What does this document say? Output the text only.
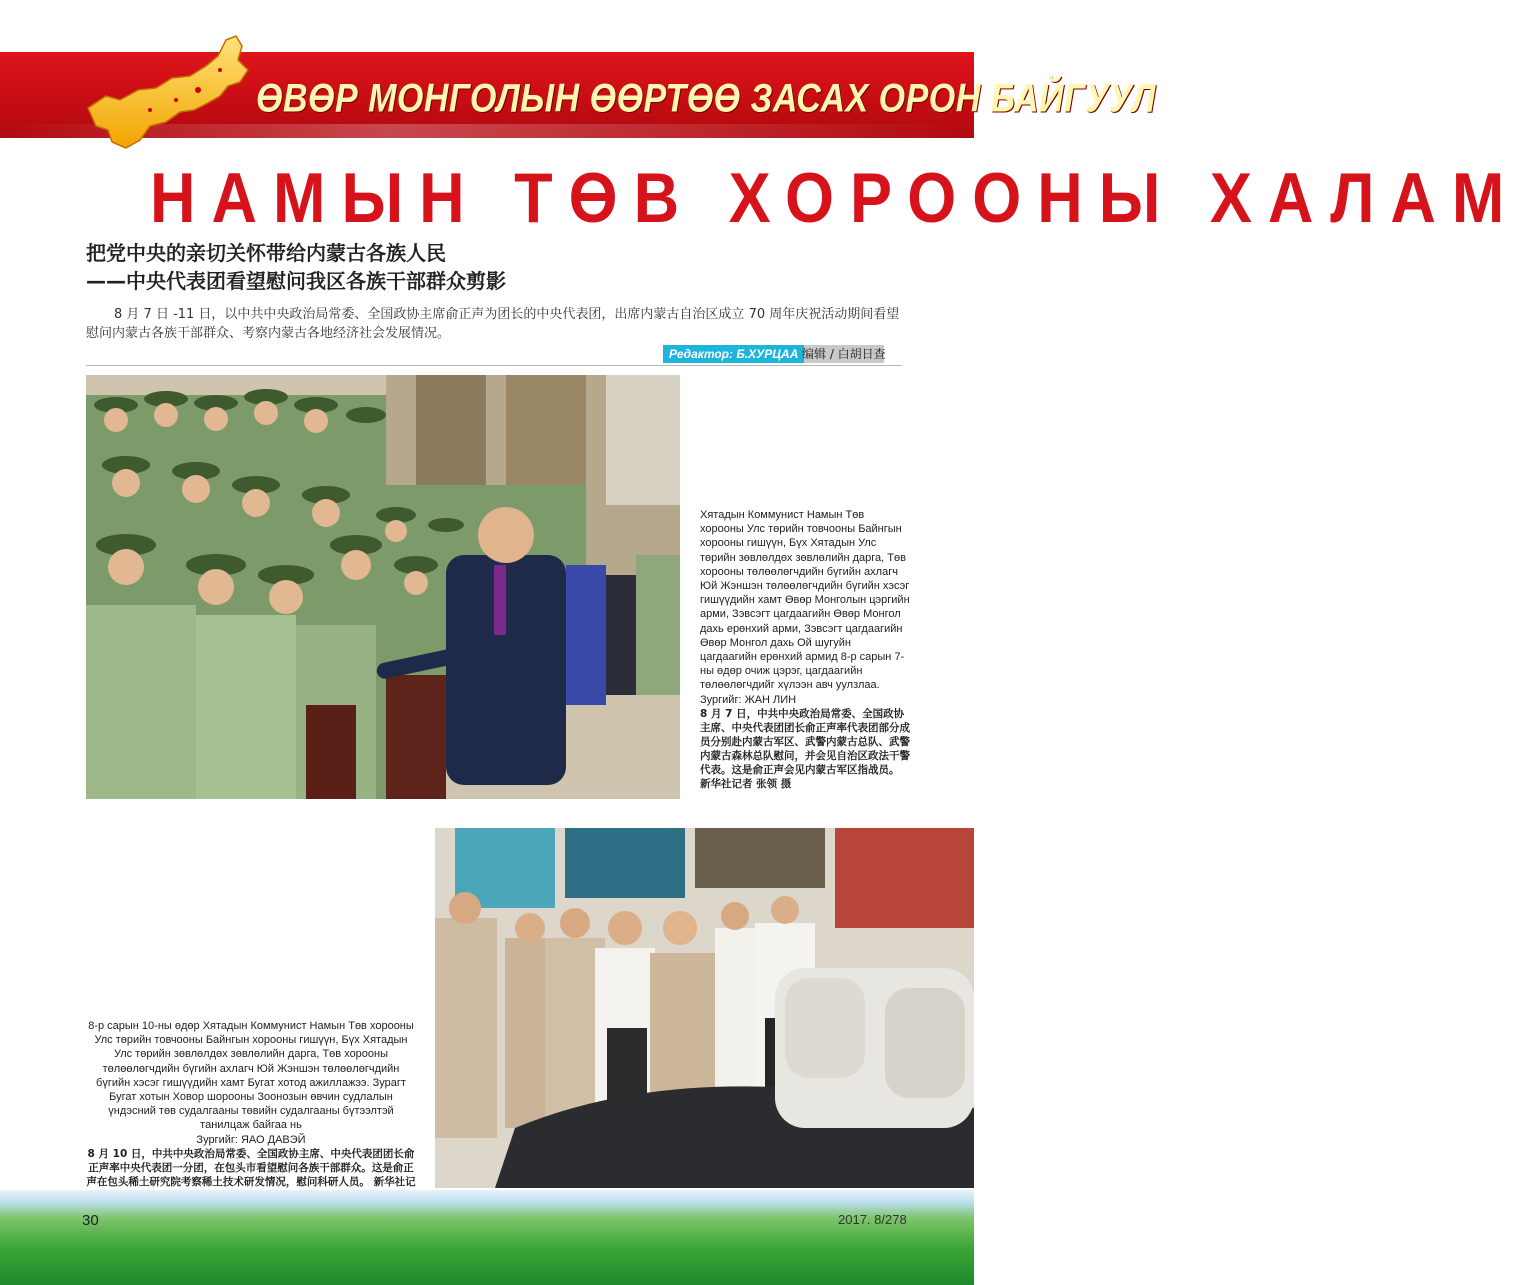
ӨВӨР МОНГОЛЫН ӨӨРТӨӨ ЗАСАХ ОРОН БАЙГУУЛ
НАМЫН ТӨВ ХОРООНЫ ХАЛАМ
把党中央的亲切关怀带给内蒙古各族人民
——中央代表团看望慰问我区各族干部群众剪影
8 月 7 日 -11 日，以中共中央政治局常委、全国政协主席俞正声为团长的中央代表团，出席内蒙古自治区成立 70 周年庆祝活动期间看望慰问内蒙古各族干部群众、考察内蒙古各地经济社会发展情况。
Редактор: Б.ХУРЦАА 编辑 / 白胡日查
Хятадын Коммунист Намын Төв хорооны Улс төрийн товчооны Байнгын хорооны гишүүн, Бүх Хятадын Улс төрийн зөвлөлдөх зөвлөлийн дарга, Төв хорооны төлөөлөгчдийн бүгийн ахлагч Юй Жэншэн төлөөлөгчдийн бүгийн хэсэг гишүүдийн хамт Өвөр Монголын цэргийн арми, Зэвсэгт цагдаагийн Өвөр Монгол дахь ерөнхий арми, Зэвсэгт цагдаагийн Өвөр Монгол дахь Ой шугуйн цагдаагийн ерөнхий армид 8-р сарын 7-ны өдөр очиж цэрэг, цагдаагийн төлөөлөгчдийг хүлээн авч уулзлаа.
Зургийг: ЖАН ЛИН
8 月 7 日，中共中央政治局常委、全国政协主席、中央代表团团长俞正声率代表团部分成员分别赴内蒙古军区、武警内蒙古总队、武警内蒙古森林总队慰问，并会见自治区政法干警代表。这是俞正声会见内蒙古军区指战员。 新华社记者 张领 摄
8-р сарын 10-ны өдөр Хятадын Коммунист Намын Төв хорооны Улс төрийн товчооны Байнгын хорооны гишүүн, Бүх Хятадын Улс төрийн зөвлөлдөх зөвлөлийн дарга, Төв хорооны төлөөлөгчдийн бүгийн ахлагч Юй Жэншэн төлөөлөгчдийн бүгийн хэсэг гишүүдийн хамт Бугат хотод ажиллажээ. Зурагт Бугат хотын Ховор шорооны Зоонозын өвчин судлалын үндэсний төв судалгааны төвийн судалгааны бүтээлтэй танилцаж байгаа нь
Зургийг: ЯАО ДАВЭЙ
8 月 10 日，中共中央政治局常委、全国政协主席、中央代表团团长俞正声率中央代表团一分团，在包头市看望慰问各族干部群众。这是俞正声在包头稀土研究院考察稀土技术研发情况，慰问科研人员。 新华社记
30	2017. 8/278
